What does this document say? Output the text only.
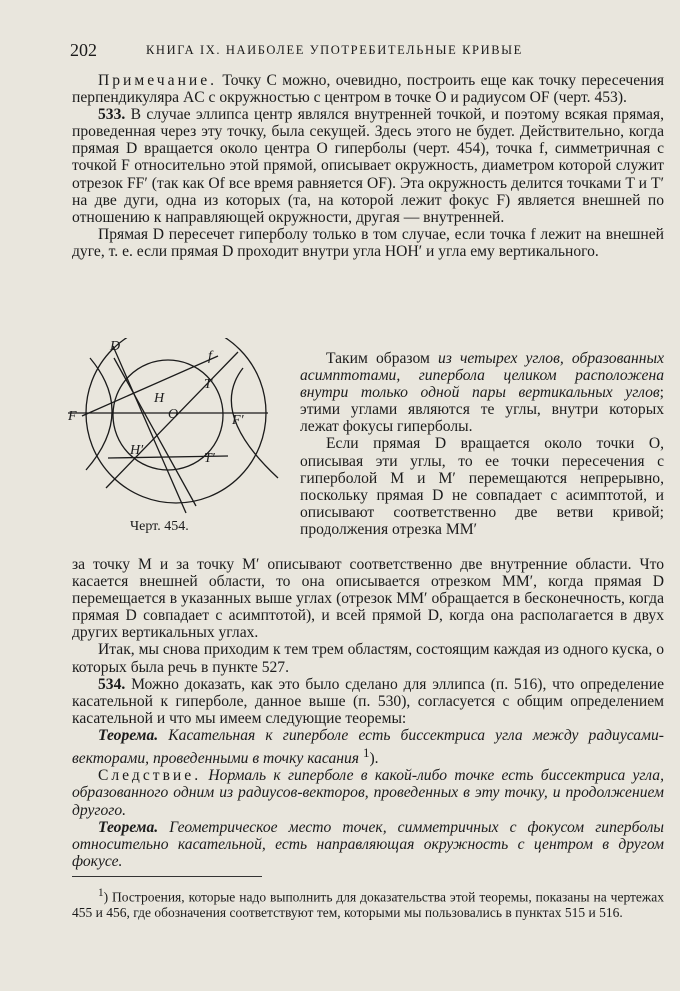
202	КНИГА IX. НАИБОЛЕЕ УПОТРЕБИТЕЛЬНЫЕ КРИВЫЕ

Примечание. Точку C можно, очевидно, построить еще как точку пересечения перпендикуляра AC с окружностью с центром в точке O и радиусом OF (черт. 453).

533. В случае эллипса центр являлся внутренней точкой, и поэтому всякая прямая, проведенная через эту точку, была секущей. Здесь этого не будет. Действительно, когда прямая D вращается около центра O гиперболы (черт. 454), точка f, симметричная с точкой F относительно этой прямой, описывает окружность, диаметром которой служит отрезок FF′ (так как Of все время равняется OF). Эта окружность делится точками T и T′ на две дуги, одна из которых (та, на которой лежит фокус F) является внешней по отношению к направляющей окружности, другая — внутренней.

Прямая D пересечет гиперболу только в том случае, если точка f лежит на внешней дуге, т. е. если прямая D проходит внутри угла HOH′ и угла ему вертикального.

D
f
T
H
O
F	F′
H′
T′
Черт. 454.

Таким образом из четырех углов, образованных асимптотами, гипербола целиком расположена внутри только одной пары вертикальных углов; этими углами являются те углы, внутри которых лежат фокусы гиперболы.

Если прямая D вращается около точки O, описывая эти углы, то ее точки пересечения с гиперболой M и M′ перемещаются непрерывно, поскольку прямая D не совпадает с асимптотой, и описывают соответственно две ветви кривой; продолжения отрезка MM′

за точку M и за точку M′ описывают соответственно две внутренние области. Что касается внешней области, то она описывается отрезком MM′, когда прямая D перемещается в указанных выше углах (отрезок MM′ обращается в бесконечность, когда прямая D совпадает с асимптотой), и всей прямой D, когда она располагается в двух других вертикальных углах.

Итак, мы снова приходим к тем трем областям, состоящим каждая из одного куска, о которых была речь в пункте 527.

534. Можно доказать, как это было сделано для эллипса (п. 516), что определение касательной к гиперболе, данное выше (п. 530), согласуется с общим определением касательной и что мы имеем следующие теоремы:

Теорема. Касательная к гиперболе есть биссектриса угла между радиусами-векторами, проведенными в точку касания $^1$).

Следствие. Нормаль к гиперболе в какой-либо точке есть биссектриса угла, образованного одним из радиусов-векторов, проведенных в эту точку, и продолжением другого.

Теорема. Геометрическое место точек, симметричных с фокусом гиперболы относительно касательной, есть направляющая окружность с центром в другом фокусе.

$^1$) Построения, которые надо выполнить для доказательства этой теоремы, показаны на чертежах 455 и 456, где обозначения соответствуют тем, которыми мы пользовались в пунктах 515 и 516.
